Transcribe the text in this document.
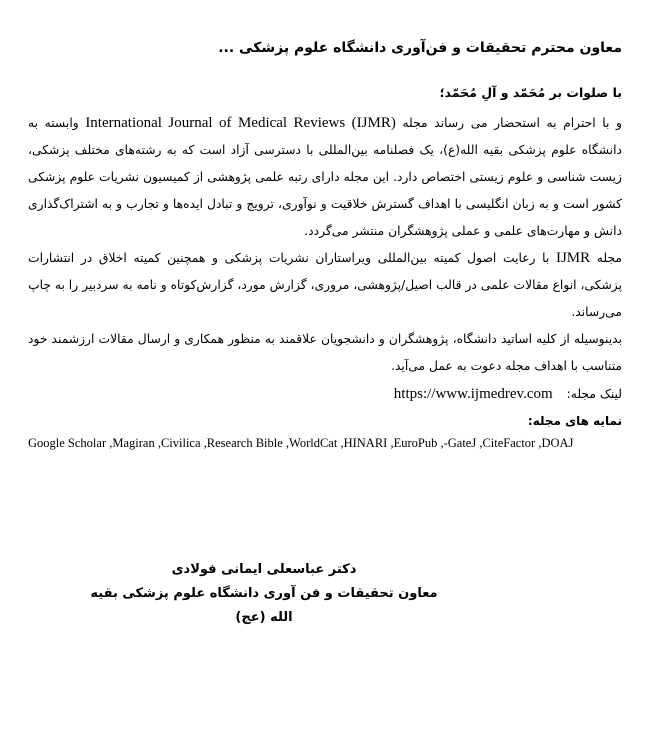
معاون محترم تحقیقات و فن‌آوری دانشگاه علوم پزشکی ...

با صلوات بر مُحَمّد و آلِ مُحَمّد؛

و با احترام به استحضار می رساند مجله International Journal of Medical Reviews (IJMR) وابسته به دانشگاه علوم پزشکی بقیه الله(ع)، یک فصلنامه بین‌المللی با دسترسی آزاد است که به رشته‌های مختلف پزشکی، زیست شناسی و علوم زیستی اختصاص دارد. این مجله دارای رتبه علمی پژوهشی از کمیسیون نشریات علوم پزشکی کشور است و به زبان انگلیسی با اهداف گسترش خلاقیت و نوآوری، ترویج و تبادل ایده‌ها و تجارب و به اشتراک‌گذاری دانش و مهارت‌های علمی و عملی پژوهشگران منتشر می‌گردد.

مجله IJMR با رعایت اصول کمیته بین‌المللی ویراستاران نشریات پزشکی و همچنین کمیته اخلاق در انتشارات پزشکی، انواع مقالات علمی در قالب اصیل/پژوهشی، مروری، گزارش مورد، گزارش‌کوتاه و نامه به سردبیر را به چاپ می‌رساند.

بدینوسیله از کلیه اساتید دانشگاه، پژوهشگران و دانشجویان علاقمند به منظور همکاری و ارسال مقالات ارزشمند خود متناسب با اهداف مجله دعوت به عمل می‌آید.

لینک مجله: https://www.ijmedrev.com

نمایه های مجله:

Google Scholar ,Magiran ,Civilica ,Research Bible ,WorldCat ,HINARI ,EuroPub ,-GateJ ,CiteFactor ,DOAJ

دکتر عباسعلی ایمانی فولادی

معاون تحقیقات و فن آوری دانشگاه علوم پزشکی بقیه الله (عج)
